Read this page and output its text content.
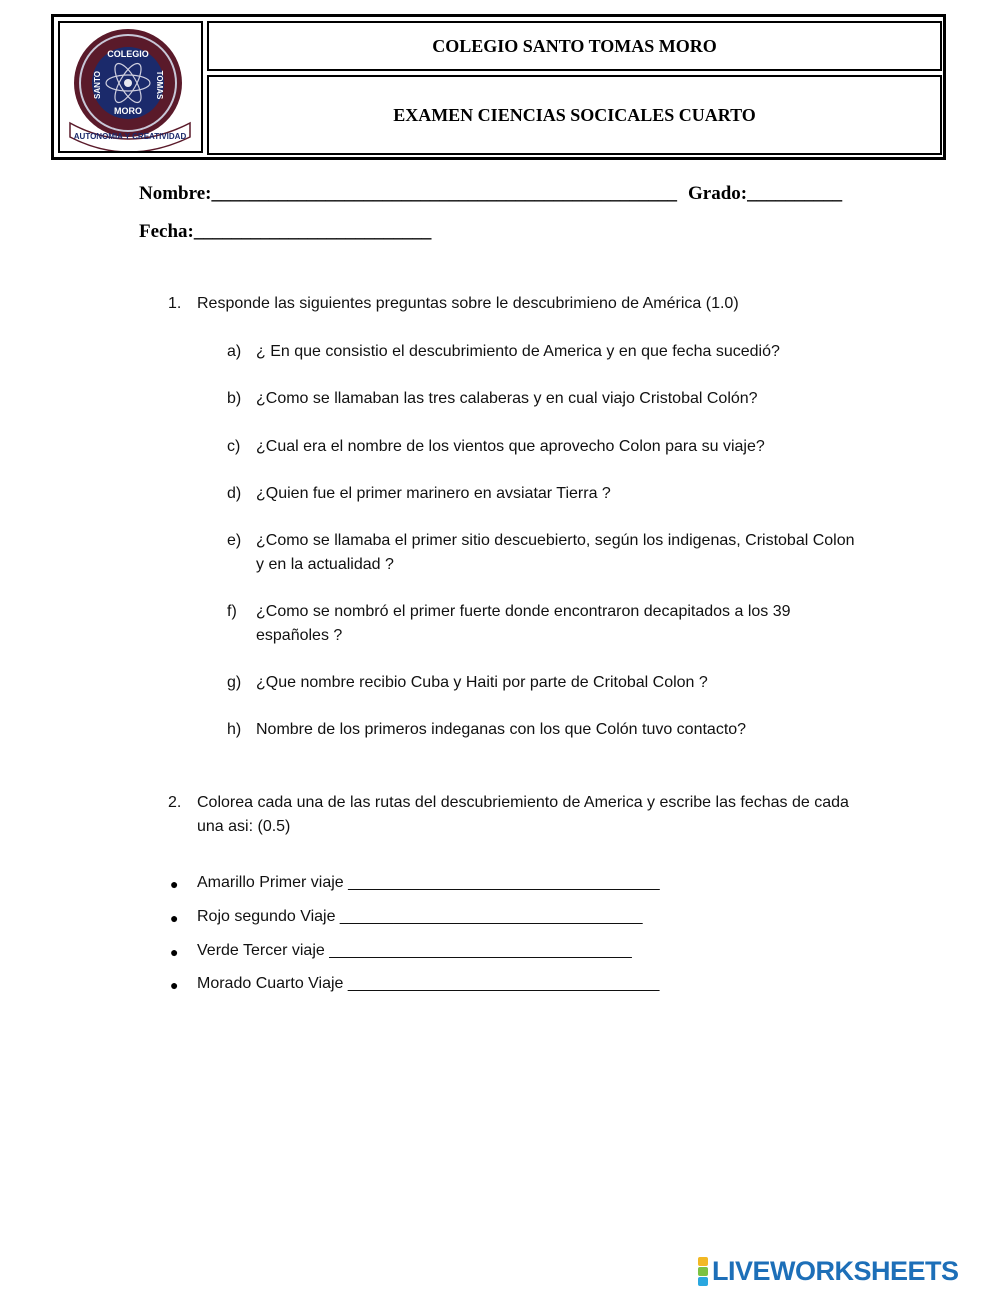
COLEGIO
MORO
SANTO	TOMAS
AUTONOMIA Y CREATIVIDAD
COLEGIO SANTO TOMAS MORO
EXAMEN CIENCIAS SOCICALES CUARTO
Nombre:_________________________________________________ Grado:__________
Fecha:_________________________
1. Responde las siguientes preguntas sobre le descubrimieno de América (1.0)
a) ¿ En que consistio el descubrimiento de America y en que fecha sucedió?
b) ¿Como se llamaban las tres calaberas y en cual viajo Cristobal Colón?
c) ¿Cual era el nombre de los vientos que aprovecho Colon para su viaje?
d) ¿Quien fue el primer marinero en avsiatar Tierra ?
e) ¿Como se llamaba el primer sitio descuebierto, según los indigenas, Cristobal Colon y en la actualidad ?
f) ¿Como se nombró el primer fuerte donde encontraron decapitados a los 39 españoles ?
g) ¿Que nombre recibio Cuba y Haiti por parte de Critobal Colon ?
h) Nombre de los primeros indeganas con los que Colón tuvo contacto?
2. Colorea cada una de las rutas del descubriemiento de America y escribe las fechas de cada una asi: (0.5)
● Amarillo Primer viaje ___________________________________
● Rojo segundo Viaje __________________________________
● Verde Tercer viaje __________________________________
● Morado Cuarto Viaje ___________________________________
LIVEWORKSHEETS
